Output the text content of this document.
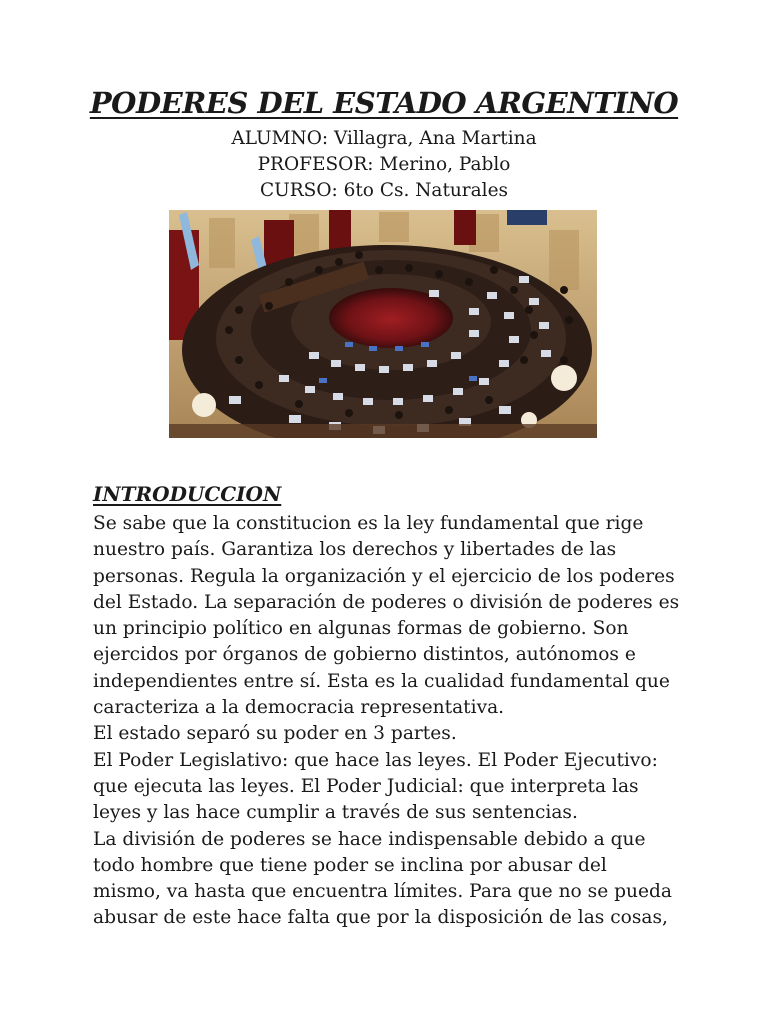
PODERES DEL ESTADO ARGENTINO

ALUMNO: Villagra, Ana Martina

PROFESOR: Merino, Pablo

CURSO: 6to Cs. Naturales

INTRODUCCION
Se sabe que la constitucion es la ley fundamental que rige
nuestro país. Garantiza los derechos y libertades de las
personas. Regula la organización y el ejercicio de los poderes
del Estado. La separación de poderes o división de poderes es
un principio político en algunas formas de gobierno. Son
ejercidos por órganos de gobierno distintos, autónomos e
independientes entre sí. Esta es la cualidad fundamental que
caracteriza a la democracia representativa.
El estado separó su poder en 3 partes.
El Poder Legislativo: que hace las leyes. El Poder Ejecutivo:
que ejecuta las leyes. El Poder Judicial: que interpreta las
leyes y las hace cumplir a través de sus sentencias.
La división de poderes se hace indispensable debido a que
todo hombre que tiene poder se inclina por abusar del
mismo, va hasta que encuentra límites. Para que no se pueda
abusar de este hace falta que por la disposición de las cosas,
